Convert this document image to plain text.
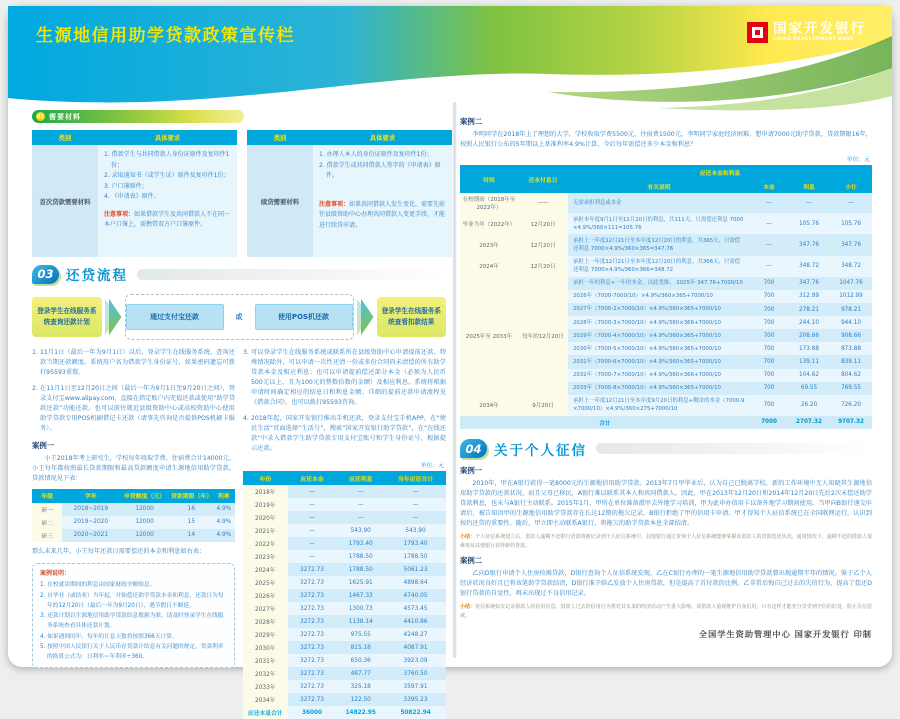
生源地信用助学贷款政策宣传栏	国家开发银行
CHINA DEVELOPMENT BANK
02 需要材料
类别	具体要求
首次贷款需要材料
1. 借款学生与共同借款人身份证原件及复印件1份；
2. 录取通知书（或学生证）原件及复印件1份；
3. 户口簿原件；
4. 《申请表》原件。
注意事项：如果借款学生及共同借款人不在同一本户口簿上，需携带双方户口簿原件。
类别	具体要求
续贷需要材料
1. 办理人本人的身份证原件及复印件1份；
2. 借款学生或共同借款人签字的《申请表》原件。
注意事项：如果共同借款人发生变化，需要先前往县级资助中心办理共同借款人变更手续，才能进行续贷申请。
03 还贷流程
登录学生在线服务系统查询还款计划
通过支付宝还款	或	使用POS机还款
登录学生在线服务系统查看扣款结果

1. 11月1日（最后一年为9月1日）以后，登录学生在线服务系统，查询还款当期还款额度。系统用户名为借款学生身份证号，如果密码遗忘可拨打95593重置。

2. 在11月1日至12月20日之间（最后一年为9月1日至9月20日之间），登录支付宝www.alipay.com，直接在指定账户内充值还款或使用“助学贷款还款”功能还款。也可以前往就近县级资助中心或高校资助中心使用助学贷款专用POS机刷借记卡还款（请事先咨询是否提供POS机刷卡服务）。

案例一

小王2018年考上研究生，学校每年收取学费、住宿费合计14000元。小王每年都按照最长贷款期限和最高贷款额度申请生源地信用助学贷款。贷款情况见下表：

年级	学年	申贷额度（元）	贷款期限（年）	利率
研一	2018~2019	12000	16	4.9%
研二	2019~2020	12000	15	4.9%
研三	2020~2021	12000	14	4.9%

那么未来几年，小王每年还款日需要偿还的本金和利息如右表：

案例说明：
1. 在校就读期间的利息由国家财政全额贴息。
2. 自毕业（或结业）当年起，开始偿还助学贷款本金和利息，还款日为每年的12月20日（最后一年为9月20日），遇节假日不顺延。
3. 还款计划以生源地信用助学贷款结息数据为准，请及时登录学生在线服务系统查看具体还款计划。
4. 如果遇到闰年，每年的计息天数将按照366天计算。
5. 按照中国人民银行关于人民币存贷款计结息有关问题的规定，贷款利率的换算公式为：日利率＝年利率÷360。

3. 可以登录学生在线服务系统或联系所在县级资助中心申请提前还款。特殊情况除外，可以申请一次性还清一份或多份合同尚未清偿的所有助学贷款本金及相应利息；也可以申请提前偿还部分本金（必须为人民币500元以上、且为100元的整数倍数的金额）及相应利息。系统将根据申请时间确定相应的结息日和利息金额。详细的提前还款申请流程见《借款合同》，也可以拨打95593咨询。

4. 2018年起，国家开发银行推出手机还款，登录支付宝手机APP，在“便民生活”页面选择“生活号”，搜索“国家开发银行助学贷款”，在“在线还款”中录入借款学生助学贷款专用支付宝账号和学生身份证号，根据提示还款。

单位：元
年份	应还本金	应还利息	当年应还合计
2018年	—	—	—
2019年	—	—	—
2020年	—	—	—
2021年	—	543.90	543.90
2022年	—	1793.40	1793.40
2023年	—	1788.50	1788.50
2024年	3272.73	1788.50	5061.23
2025年	3272.73	1625.91	4898.64
2026年	3272.73	1467.33	4740.05
2027年	3272.73	1300.73	4573.45
2028年	3272.73	1138.14	4410.86
2029年	3272.73	975.55	4248.27
2030年	3272.73	815.18	4087.91
2031年	3272.73	650.36	3923.09
2032年	3272.73	487.77	3760.50
2033年	3272.73	325.18	3597.91
2034年	3272.73	122.50	3395.23
应还本息合计	36000	14822.95	50822.94
案例二

李明同学在2018年上了理想的大学，学校收取学费5500元、住宿费1500元。李明同学家庭经济困难，想申请7000元助学贷款，贷款期限16年，按照人民银行公布的5年期以上基准利率4.9%计算，今后每年需偿还多少本金和利息？

单位：元
时间	还本付息日	应还本金和利息			
		有关说明	本金	利息	小计
在校期间（2018年至2022年）	——	无需承担利息或本金	—	—	—
毕业当年（2022年）	12月20日	承担本年度9月1日至12月20日的利息，共111天，只需偿还利息 7000×4.9%/360×111=105.76	—	105.76	105.76
2023年	12月20日	承担上一年度12月21日至本年度12月20日的利息，共365天，只需偿还利息 7000×4.9%/360×365=347.76	—	347.76	347.76
2024年	12月20日	承担上一年度12月21日至本年度12月20日的利息，共366天，只需偿还利息 7000×4.9%/360×366=348.72	—	348.72	348.72
2025年至 2033年	每年的12月20日	承担一年的利息+一年的本金，以此类推。 2025年 347.76+7000/10	700	347.76	1047.76
		2026年（7000-7000/10）×4.9%/360×365+7000/10	700	312.99	1012.99
		2027年（7000-2×7000/10）×4.9%/360×365+7000/10	700	278.21	978.21
		2028年（7000-3×7000/10）×4.9%/360×366+7000/10	700	244.10	944.10
		2029年（7000-4×7000/10）×4.9%/360×365+7000/10	700	208.66	908.66
		2030年（7000-5×7000/10）×4.9%/360×365+7000/10	700	173.88	873.88
		2031年（7000-6×7000/10）×4.9%/360×365+7000/10	700	139.11	839.11
		2032年（7000-7×7000/10）×4.9%/360×366+7000/10	700	104.62	804.62
		2033年（7000-8×7000/10）×4.9%/360×365+7000/10	700	69.55	769.55
2034年	9月20日	承担上一年度12月21日至本年度9月20日的利息+剩余的本金（7000-9×7000/10）×4.9%/360×275+7000/10	700	26.20	726.20
合计			7000	2707.32	9707.32
04 关于个人征信
案例一

2010年，甲在A银行获得一笔8000元的生源地信用助学贷款。2013年7月甲毕业后，认为自己已脱离学校，新的工作环境中无人知晓其生源地信用助学贷款的还款状况，而且父母已移民，A银行难以联系其本人和共同借款人。因此，甲在2013年12月20日和2014年12月20日先后2次未偿还助学贷款利息，也未与A银行主动联系。2015年1月，甲所在单位准备派甲去外地学习培训，甲为此申办信用卡以备外地学习期间使用。当甲向B银行递交申请后，被告知因甲的生源地信用助学贷款存在长达12期的拖欠记录，B银行拒绝了甲的信用卡申请。甲才得知个人征信系统已在全国联网运行，认识到按约还贷的重要性。随后，甲立即主动联系A银行，将拖欠的助学贷款本息全部结清。

小结：个人征信系统建立后，借款人逾期不还银行贷款将被记录到个人征信系统中，其他银行通过查询个人征信系统能够掌握该借款人的贷款偿还状况。通常情况下，逾期不还的借款人很难再从其他银行获得新的贷款。

案例二

乙向D银行申请个人住房按揭贷款，D银行查询个人征信系统发现，乙在C银行办理的一笔生源地信用助学贷款曾出现逾期半年的情况。鉴于乙个人经济状况良好且已将该笔助学贷款结清，D银行准予给乙发放个人住房贷款，但是提高了首付款的比例。乙非常后悔自己过去的失信行为，提高了偿还D银行贷款的自觉性，再未出现过不良信用记录。

小结：征信系统如实记录借款人的信用信息，借款人过去的信用行为将对其未来的经济活动产生重大影响。请借款人重视维护自身信用，只有这样才能充分享受到守信的好处，防止失信惩戒。

全国学生资助管理中心 国家开发银行 印制
